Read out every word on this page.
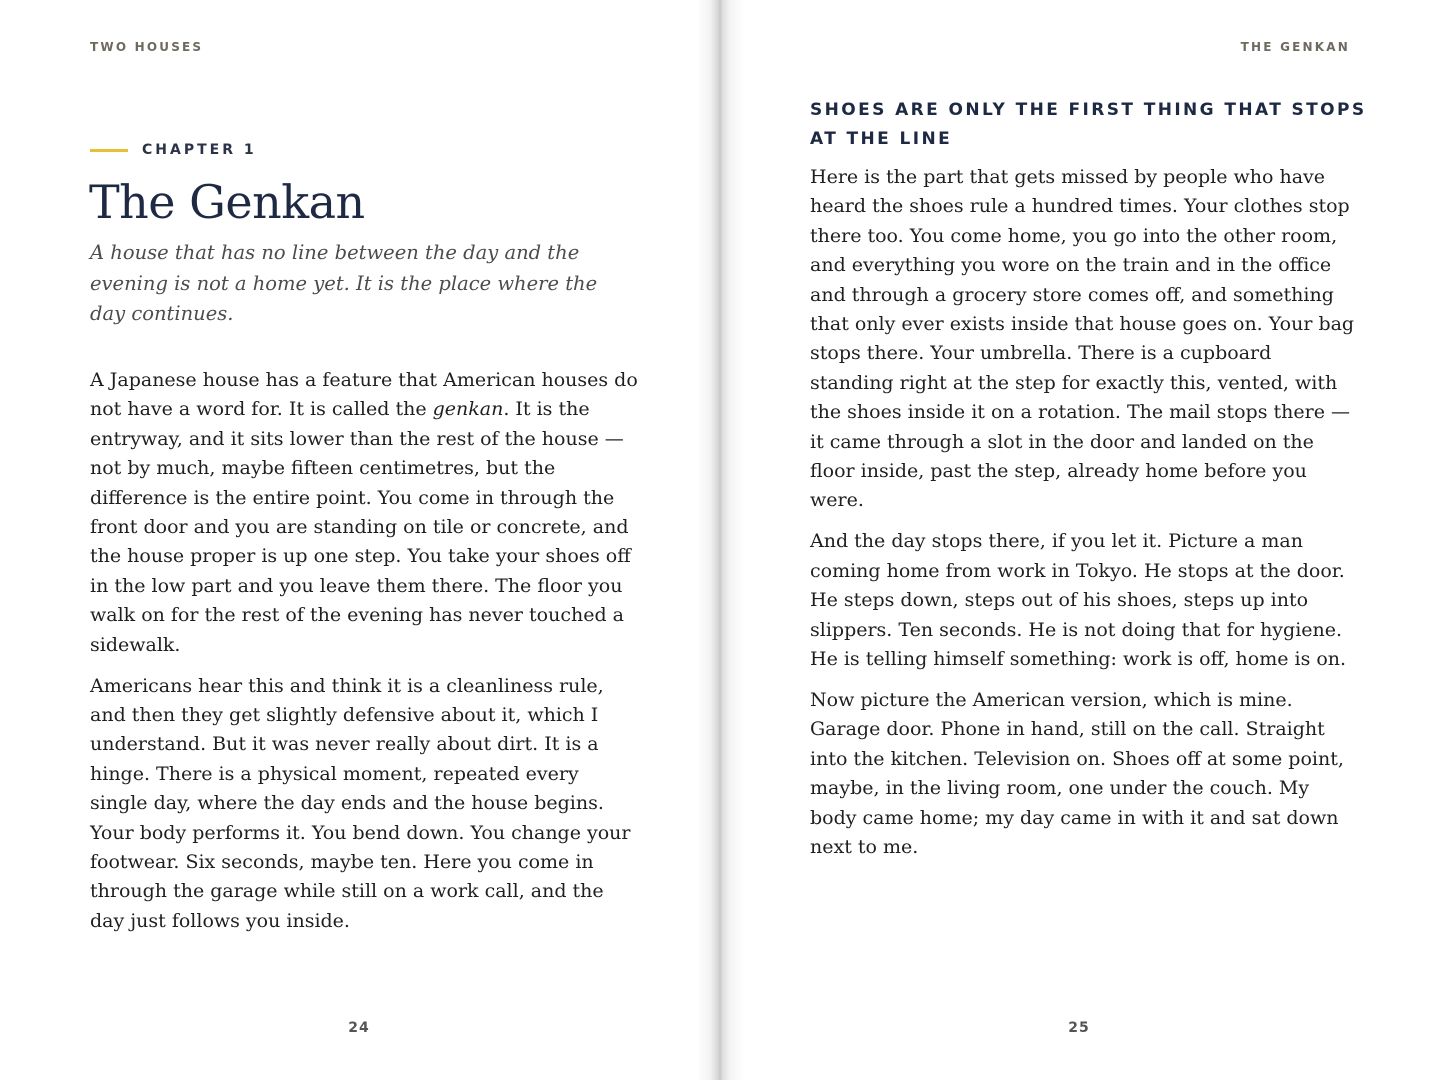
TWO HOUSES

CHAPTER 1
The Genkan

A house that has no line between the day and the evening is not a home yet. It is the place where the day continues.

A Japanese house has a feature that American houses do not have a word for. It is called the genkan. It is the entryway, and it sits lower than the rest of the house — not by much, maybe fifteen centimetres, but the difference is the entire point. You come in through the front door and you are standing on tile or concrete, and the house proper is up one step. You take your shoes off in the low part and you leave them there. The floor you walk on for the rest of the evening has never touched a sidewalk.

Americans hear this and think it is a cleanliness rule, and then they get slightly defensive about it, which I understand. But it was never really about dirt. It is a hinge. There is a physical moment, repeated every single day, where the day ends and the house begins. Your body performs it. You bend down. You change your footwear. Six seconds, maybe ten. Here you come in through the garage while still on a work call, and the day just follows you inside.

24

THE GENKAN

SHOES ARE ONLY THE FIRST THING THAT STOPS AT THE LINE

Here is the part that gets missed by people who have heard the shoes rule a hundred times. Your clothes stop there too. You come home, you go into the other room, and everything you wore on the train and in the office and through a grocery store comes off, and something that only ever exists inside that house goes on. Your bag stops there. Your umbrella. There is a cupboard standing right at the step for exactly this, vented, with the shoes inside it on a rotation. The mail stops there — it came through a slot in the door and landed on the floor inside, past the step, already home before you were.

And the day stops there, if you let it. Picture a man coming home from work in Tokyo. He stops at the door. He steps down, steps out of his shoes, steps up into slippers. Ten seconds. He is not doing that for hygiene. He is telling himself something: work is off, home is on.

Now picture the American version, which is mine. Garage door. Phone in hand, still on the call. Straight into the kitchen. Television on. Shoes off at some point, maybe, in the living room, one under the couch. My body came home; my day came in with it and sat down next to me.

25
